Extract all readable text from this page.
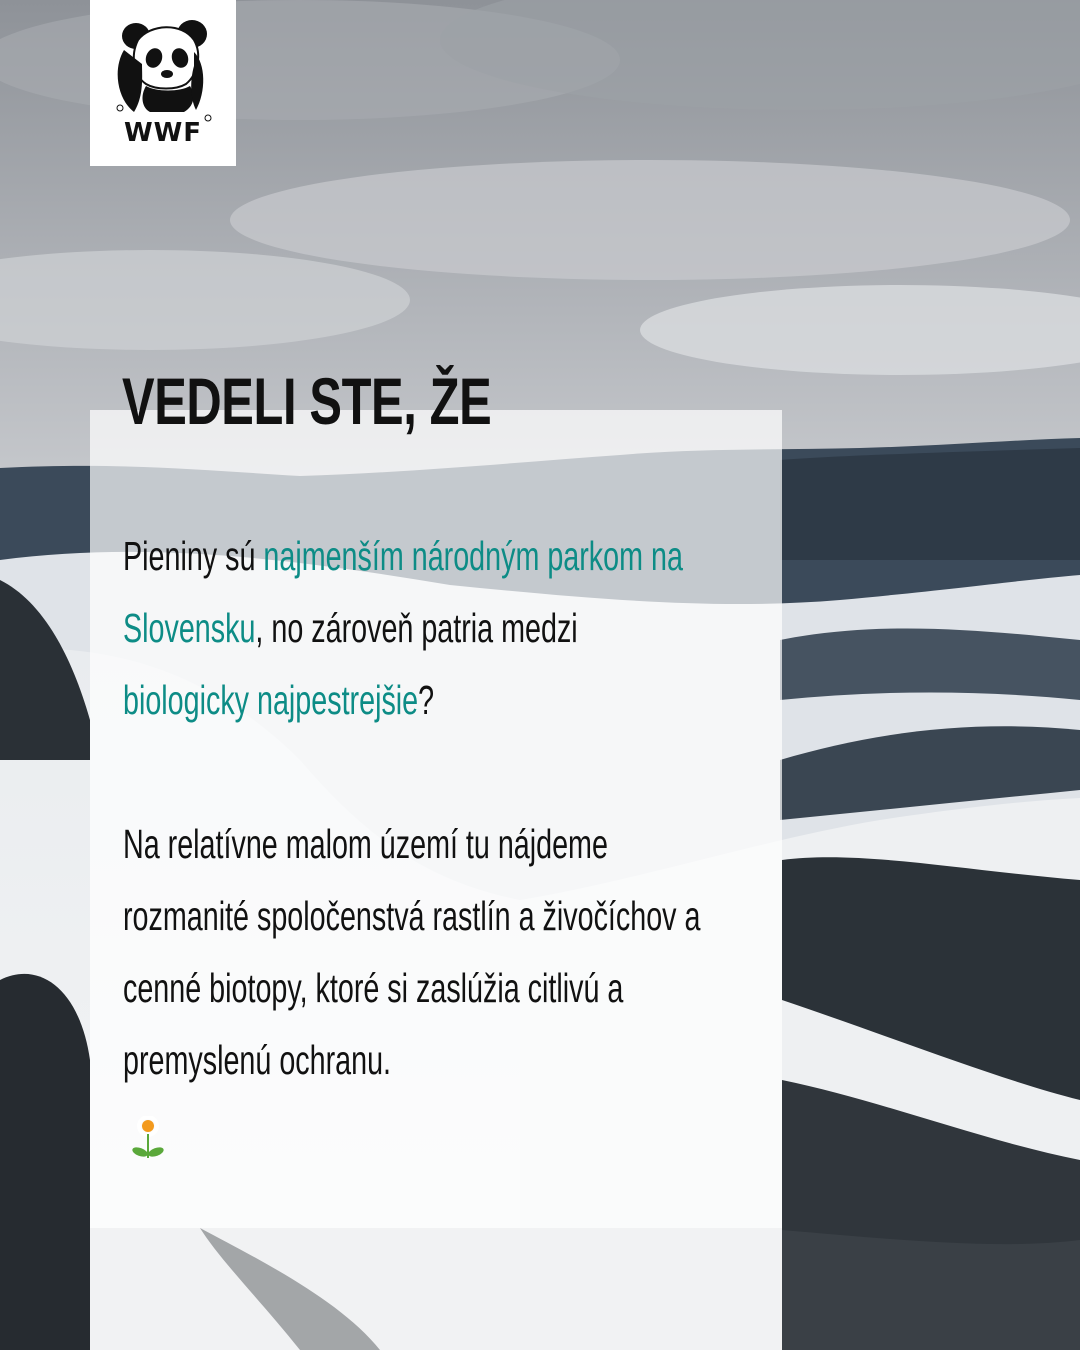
WWF
VEDELI STE, ŽE

Pieniny sú najmenším národným parkom na Slovensku, no zároveň patria medzi
biologicky najpestrejšie?

Na relatívne malom území tu nájdeme rozmanité spoločenstvá rastlín a živočíchov a cenné biotopy, ktoré si zaslúžia citlivú a premyslenú ochranu.
